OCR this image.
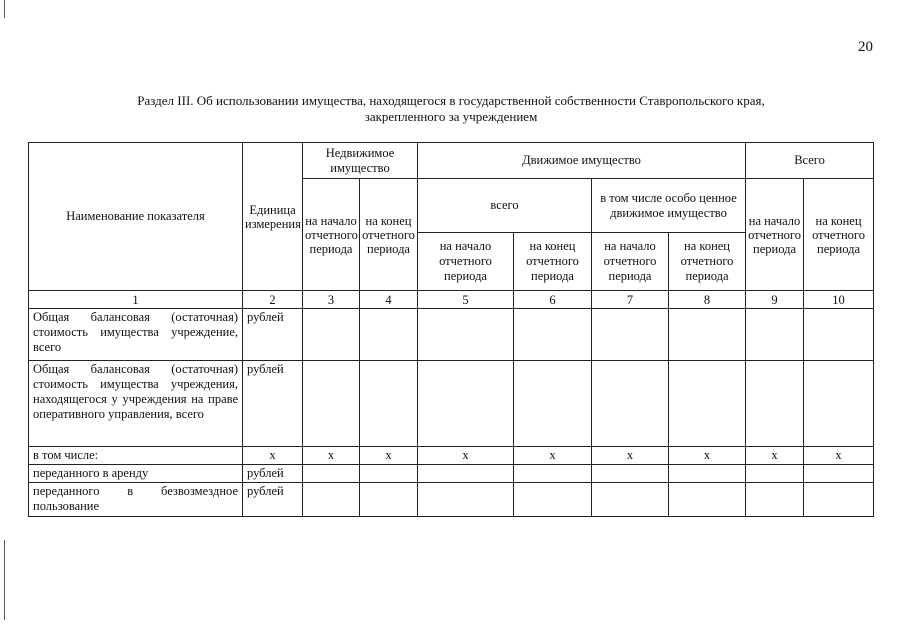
20
Раздел III. Об использовании имущества, находящегося в государственной собственности Ставропольского края,
закрепленного за учреждением
Наименование показателя	Единица измерения	Недвижимое имущество		Движимое имущество				Всего	
		на начало отчетного периода	на конец отчетного периода	всего		в том числе особо ценное движимое имущество		на начало отчетного периода	на конец отчетного периода
				на начало отчетного периода	на конец отчетного периода	на начало отчетного периода	на конец отчетного периода		
1	2	3	4	5	6	7	8	9	10
Общая балансовая (остаточная) стоимость имущества учреждение, всего	рублей								
Общая балансовая (остаточная) стоимость имущества учреждения, находящегося у учреждения на праве оперативного управления, всего	рублей								
в том числе:	х	х	х	х	х	х	х	х	х
переданного в аренду	рублей								
переданного в безвозмездное пользование	рублей								
